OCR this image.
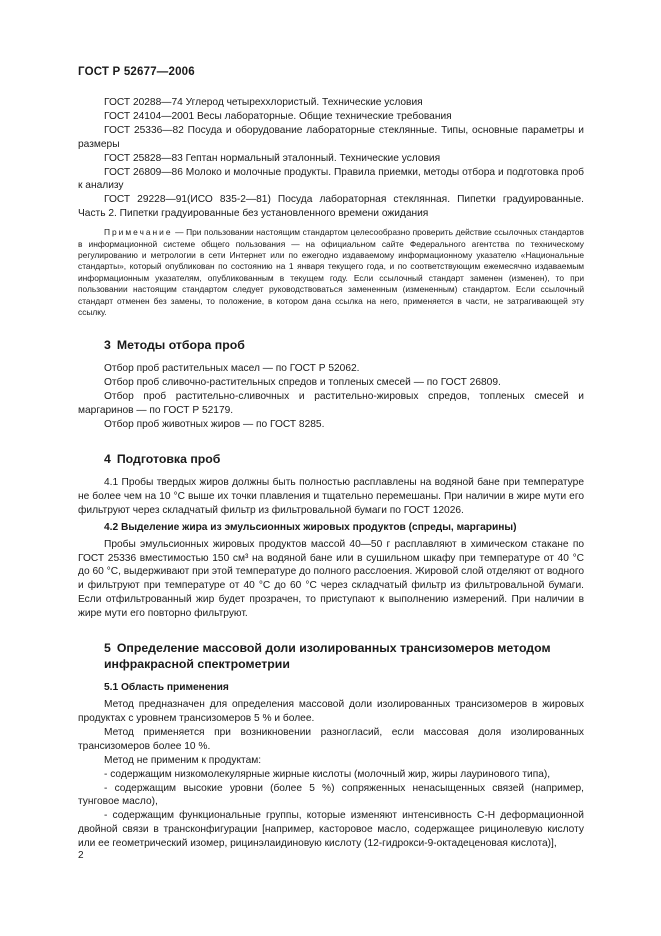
ГОСТ Р 52677—2006

ГОСТ 20288—74 Углерод четыреххлористый. Технические условия

ГОСТ 24104—2001 Весы лабораторные. Общие технические требования

ГОСТ 25336—82 Посуда и оборудование лабораторные стеклянные. Типы, основные параметры и размеры

ГОСТ 25828—83 Гептан нормальный эталонный. Технические условия

ГОСТ 26809—86 Молоко и молочные продукты. Правила приемки, методы отбора и подготовка проб к анализу

ГОСТ 29228—91(ИСО 835-2—81) Посуда лабораторная стеклянная. Пипетки градуированные. Часть 2. Пипетки градуированные без установленного времени ожидания

Примечание — При пользовании настоящим стандартом целесообразно проверить действие ссылочных стандартов в информационной системе общего пользования — на официальном сайте Федерального агентства по техническому регулированию и метрологии в сети Интернет или по ежегодно издаваемому информационному указателю «Национальные стандарты», который опубликован по состоянию на 1 января текущего года, и по соответствующим ежемесячно издаваемым информационным указателям, опубликованным в текущем году. Если ссылочный стандарт заменен (изменен), то при пользовании настоящим стандартом следует руководствоваться замененным (измененным) стандартом. Если ссылочный стандарт отменен без замены, то положение, в котором дана ссылка на него, применяется в части, не затрагивающей эту ссылку.

3 Методы отбора проб

Отбор проб растительных масел — по ГОСТ Р 52062.

Отбор проб сливочно-растительных спредов и топленых смесей — по ГОСТ 26809.

Отбор проб растительно-сливочных и растительно-жировых спредов, топленых смесей и маргаринов — по ГОСТ Р 52179.

Отбор проб животных жиров — по ГОСТ 8285.

4 Подготовка проб

4.1 Пробы твердых жиров должны быть полностью расплавлены на водяной бане при температуре не более чем на 10 °С выше их точки плавления и тщательно перемешаны. При наличии в жире мути его фильтруют через складчатый фильтр из фильтровальной бумаги по ГОСТ 12026.

4.2 Выделение жира из эмульсионных жировых продуктов (спреды, маргарины)

Пробы эмульсионных жировых продуктов массой 40—50 г расплавляют в химическом стакане по ГОСТ 25336 вместимостью 150 см³ на водяной бане или в сушильном шкафу при температуре от 40 °С до 60 °С, выдерживают при этой температуре до полного расслоения. Жировой слой отделяют от водного и фильтруют при температуре от 40 °С до 60 °С через складчатый фильтр из фильтровальной бумаги. Если отфильтрованный жир будет прозрачен, то приступают к выполнению измерений. При наличии в жире мути его повторно фильтруют.

5 Определение массовой доли изолированных трансизомеров методом инфракрасной спектрометрии
5.1 Область применения

Метод предназначен для определения массовой доли изолированных трансизомеров в жировых продуктах с уровнем трансизомеров 5 % и более.

Метод применяется при возникновении разногласий, если массовая доля изолированных трансизомеров более 10 %.

Метод не применим к продуктам:

- содержащим низкомолекулярные жирные кислоты (молочный жир, жиры лауринового типа),

- содержащим высокие уровни (более 5 %) сопряженных ненасыщенных связей (например, тунговое масло),

- содержащим функциональные группы, которые изменяют интенсивность С-Н деформационной двойной связи в трансконфигурации [например, касторовое масло, содержащее рицинолевую кислоту или ее геометрический изомер, рицинэлаидиновую кислоту (12-гидрокси-9-октадеценовая кислота)],

2
